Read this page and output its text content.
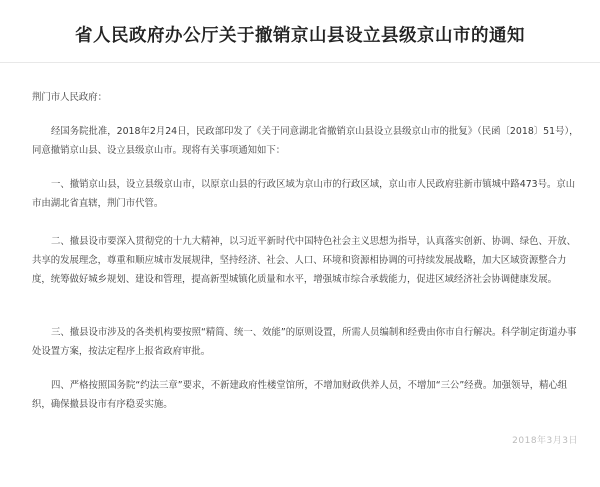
省人民政府办公厅关于撤销京山县设立县级京山市的通知

荆门市人民政府：

经国务院批准，2018年2月24日，民政部印发了《关于同意湖北省撤销京山县设立县级京山市的批复》（民函〔2018〕51号），同意撤销京山县、设立县级京山市。现将有关事项通知如下：

一、撤销京山县，设立县级京山市，以原京山县的行政区域为京山市的行政区域，京山市人民政府驻新市镇城中路473号。京山市由湖北省直辖，荆门市代管。

二、撤县设市要深入贯彻党的十九大精神，以习近平新时代中国特色社会主义思想为指导，认真落实创新、协调、绿色、开放、共享的发展理念，尊重和顺应城市发展规律，坚持经济、社会、人口、环境和资源相协调的可持续发展战略，加大区域资源整合力度，统筹做好城乡规划、建设和管理，提高新型城镇化质量和水平，增强城市综合承载能力，促进区域经济社会协调健康发展。

三、撤县设市涉及的各类机构要按照“精简、统一、效能”的原则设置，所需人员编制和经费由你市自行解决。科学制定街道办事处设置方案，按法定程序上报省政府审批。

四、严格按照国务院“约法三章”要求，不新建政府性楼堂馆所，不增加财政供养人员，不增加“三公”经费。加强领导，精心组织，确保撤县设市有序稳妥实施。

2018年3月3日
